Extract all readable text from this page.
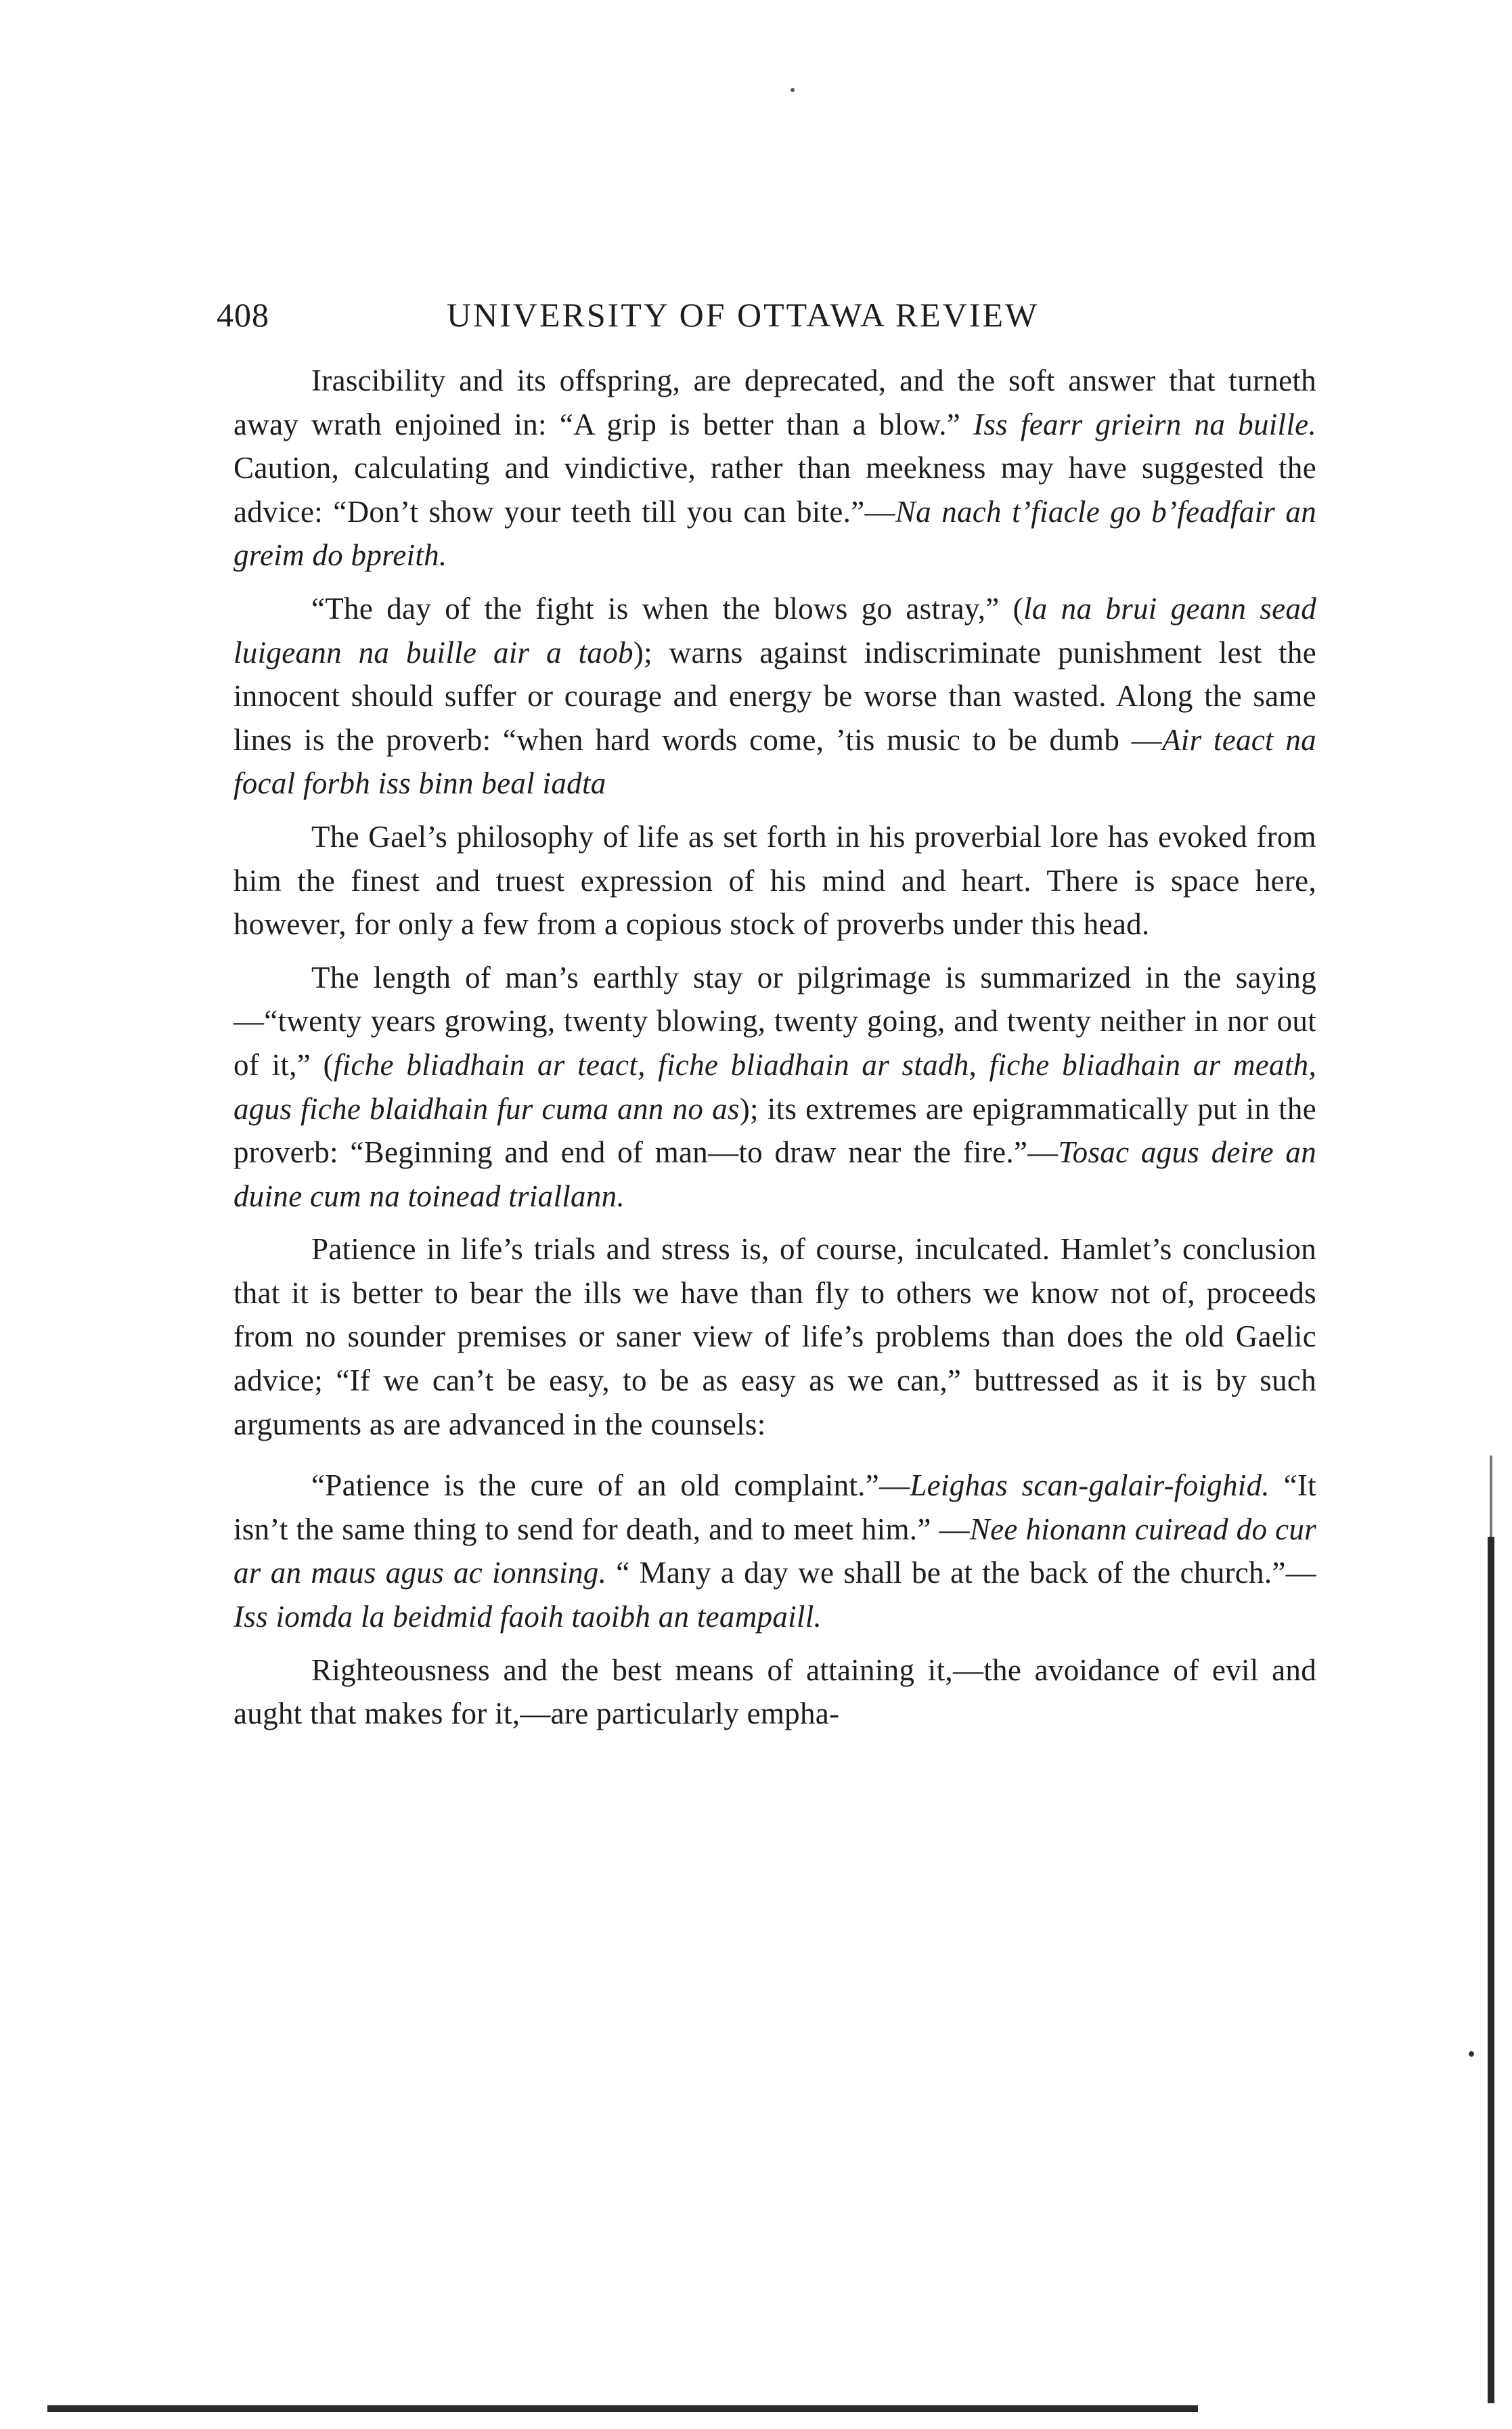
408	UNIVERSITY OF OTTAWA REVIEW

Irascibility and its offspring, are deprecated, and the soft answer that turneth away wrath enjoined in: “A grip is better than a blow.” Iss fearr grieirn na buille. Caution, calculating and vindictive, rather than meekness may have suggested the advice: “Don’t show your teeth till you can bite.”—Na nach t’fiacle go b’feadfair an greim do bpreith.

“The day of the fight is when the blows go astray,” (la na brui geann sead luigeann na buille air a taob); warns against indiscriminate punishment lest the innocent should suffer or courage and energy be worse than wasted. Along the same lines is the proverb: “when hard words come, ’tis music to be dumb —Air teact na focal forbh iss binn beal iadta

The Gael’s philosophy of life as set forth in his proverbial lore has evoked from him the finest and truest expression of his mind and heart. There is space here, however, for only a few from a copious stock of proverbs under this head.

The length of man’s earthly stay or pilgrimage is summarized in the saying—“twenty years growing, twenty blowing, twenty going, and twenty neither in nor out of it,” (fiche bliadhain ar teact, fiche bliadhain ar stadh, fiche bliadhain ar meath, agus fiche blaidhain fur cuma ann no as); its extremes are epigrammatically put in the proverb: “Beginning and end of man—to draw near the fire.”—Tosac agus deire an duine cum na toinead triallann.

Patience in life’s trials and stress is, of course, inculcated. Hamlet’s conclusion that it is better to bear the ills we have than fly to others we know not of, proceeds from no sounder premises or saner view of life’s problems than does the old Gaelic advice; “If we can’t be easy, to be as easy as we can,” buttressed as it is by such arguments as are advanced in the counsels:

“Patience is the cure of an old complaint.”—Leighas scan-galair-foighid. “It isn’t the same thing to send for death, and to meet him.” —Nee hionann cuiread do cur ar an maus agus ac ionnsing. “ Many a day we shall be at the back of the church.”—Iss iomda la beidmid faoih taoibh an teampaill.

Righteousness and the best means of attaining it,—the avoidance of evil and aught that makes for it,—are particularly empha-
